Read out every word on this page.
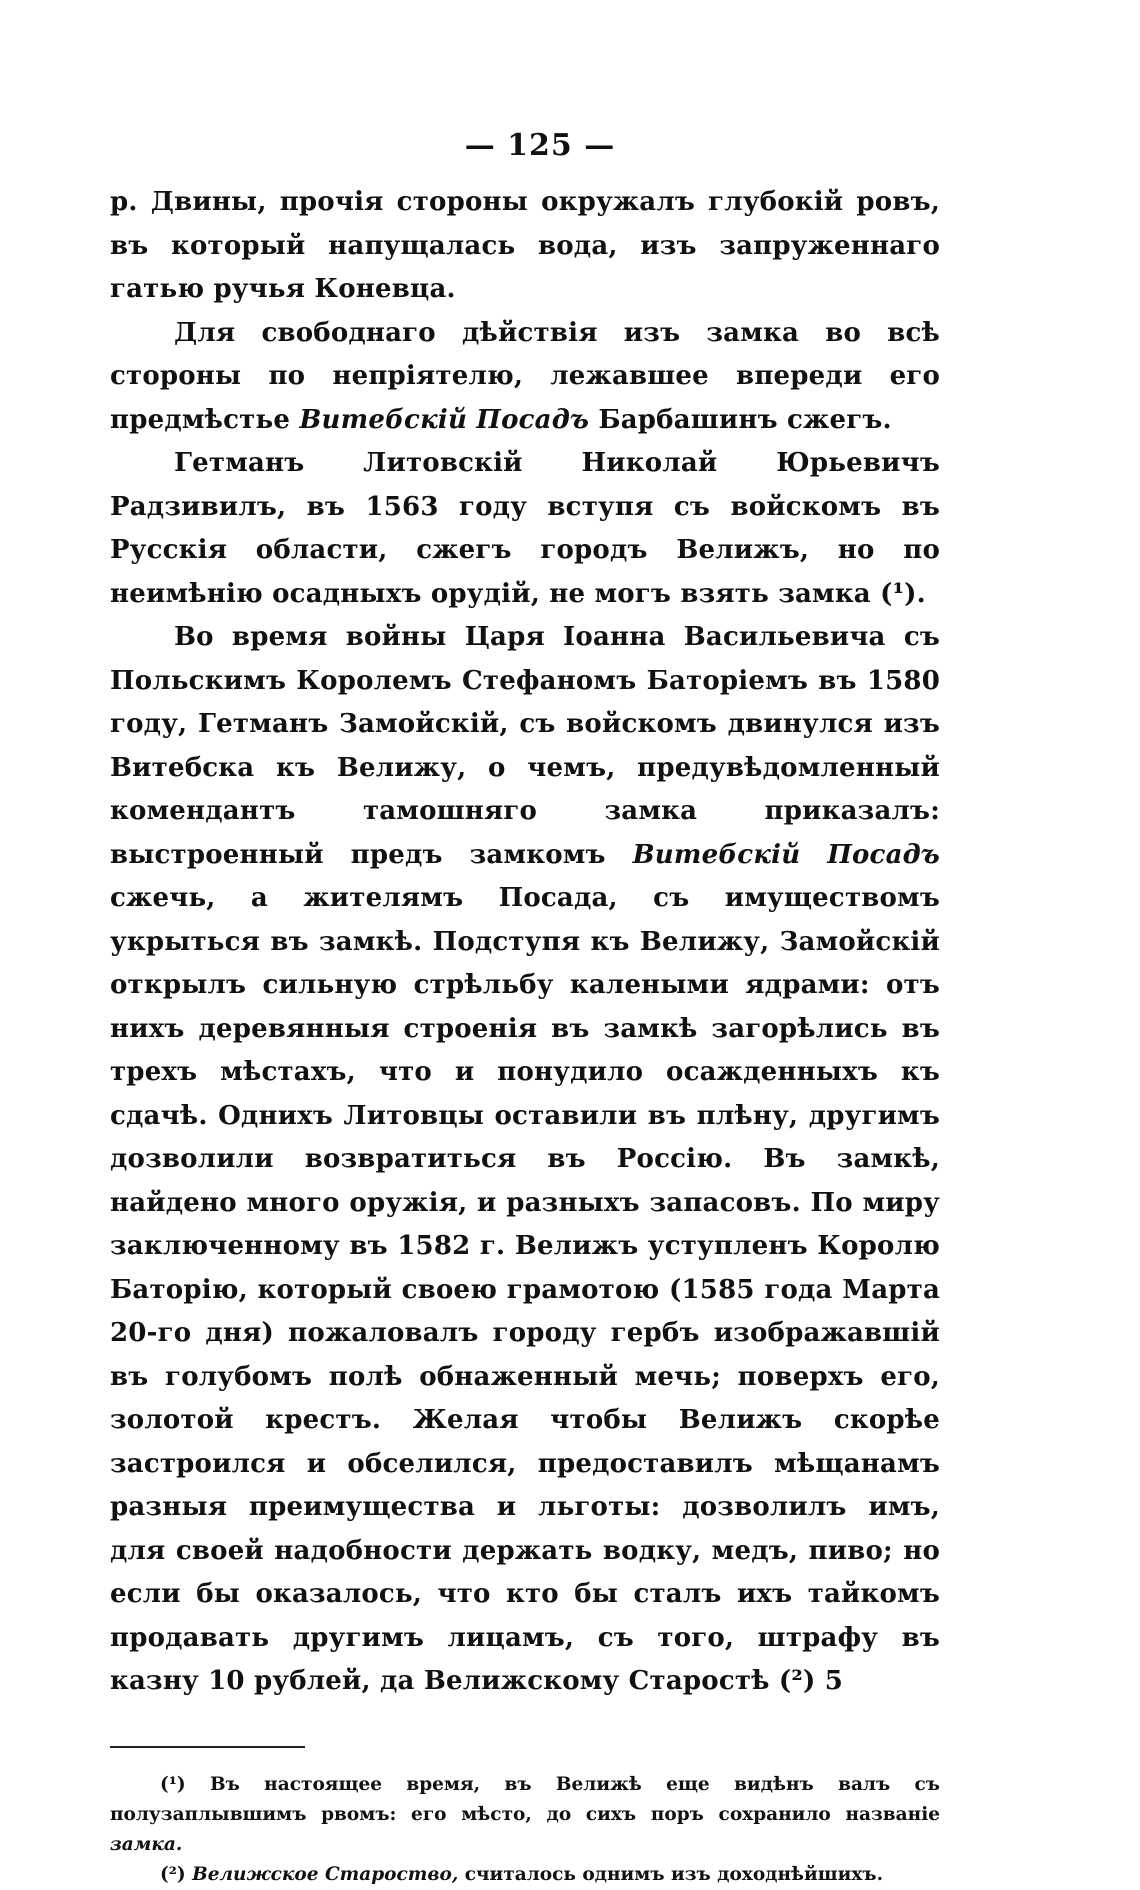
— 125 —

р. Двины, прочія стороны окружалъ глубокій ровъ, въ который напущалась вода, изъ запруженнаго гатью ручья Коневца.

Для свободнаго дѣйствія изъ замка во всѣ стороны по непріятелю, лежавшее впереди его предмѣстье Витебскій Посадъ Барбашинъ сжегъ.

Гетманъ Литовскій Николай Юрьевичъ Радзивилъ, въ 1563 году вступя съ войскомъ въ Русскія области, сжегъ городъ Велижъ, но по неимѣнію осадныхъ орудій, не могъ взять замка (¹).

Во время войны Царя Іоанна Васильевича съ Польскимъ Королемъ Стефаномъ Баторіемъ въ 1580 году, Гетманъ Замойскій, съ войскомъ двинулся изъ Витебска къ Велижу, о чемъ, предувѣдомленный комендантъ тамошняго замка приказалъ: выстроенный предъ замкомъ Витебскій Посадъ сжечь, а жителямъ Посада, съ имуществомъ укрыться въ замкѣ. Подступя къ Велижу, Замойскій открылъ сильную стрѣльбу калеными ядрами: отъ нихъ деревянныя строенія въ замкѣ загорѣлись въ трехъ мѣстахъ, что и понудило осажденныхъ къ сдачѣ. Однихъ Литовцы оставили въ плѣну, другимъ дозволили возвратиться въ Россію. Въ замкѣ, найдено много оружія, и разныхъ запасовъ. По миру заключенному въ 1582 г. Велижъ уступленъ Королю Баторію, который своею грамотою (1585 года Марта 20-го дня) пожаловалъ городу гербъ изображавшій въ голубомъ полѣ обнаженный мечь; поверхъ его, золотой крестъ. Желая чтобы Велижъ скорѣе застроился и обселился, предоставилъ мѣщанамъ разныя преимущества и льготы: дозволилъ имъ, для своей надобности держать водку, медъ, пиво; но если бы оказалось, что кто бы сталъ ихъ тайкомъ продавать другимъ лицамъ, съ того, штрафу въ казну 10 рублей, да Велижскому Старостѣ (²) 5

(¹) Въ настоящее время, въ Велижѣ еще видѣнъ валъ съ полузаплывшимъ рвомъ: его мѣсто, до сихъ поръ сохранило названіе замка.

(²) Велижское Староство, считалось однимъ изъ доходнѣйшихъ.
